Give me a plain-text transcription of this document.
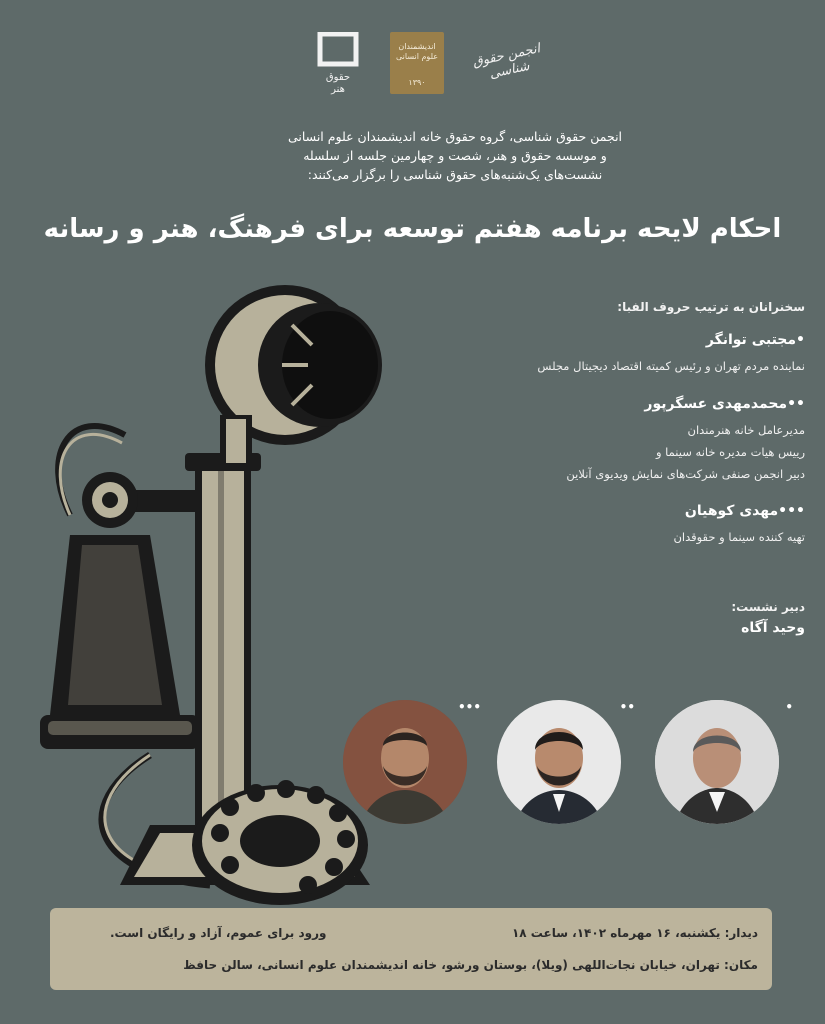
حقوق
هنر
اندیشمندان علوم انسانی
۱۳۹۰
انجمن حقوق شناسی
انجمن حقوق شناسی، گروه حقوق خانه اندیشمندان علوم انسانی
و موسسه حقوق و هنر، شصت و چهارمین جلسه از سلسله
نشست‌های یک‌شنبه‌های حقوق شناسی را برگزار می‌کنند:
احکام لایحه برنامه هفتم توسعه برای فرهنگ، هنر و رسانه
سخنرانان به ترتیب حروف الفبا:
•مجتبی توانگر
نماینده مردم تهران و رئیس کمیته اقتصاد دیجیتال مجلس
••محمدمهدی عسگرپور
مدیرعامل خانه هنرمندان
رییس هیات مدیره خانه سینما و
دبیر انجمن صنفی شرکت‌های نمایش ویدیوی آنلاین
•••مهدی کوهیان
تهیه کننده سینما و حقوقدان
دبیر نشست:
وحید آگاه
•
••
•••
دیدار: یکشنبه، ۱۶ مهرماه ۱۴۰۲، ساعت ۱۸
ورود برای عموم، آزاد و رایگان است.
مکان: تهران، خیابان نجات‌اللهی (ویلا)، بوستان ورشو، خانه اندیشمندان علوم انسانی، سالن حافظ
